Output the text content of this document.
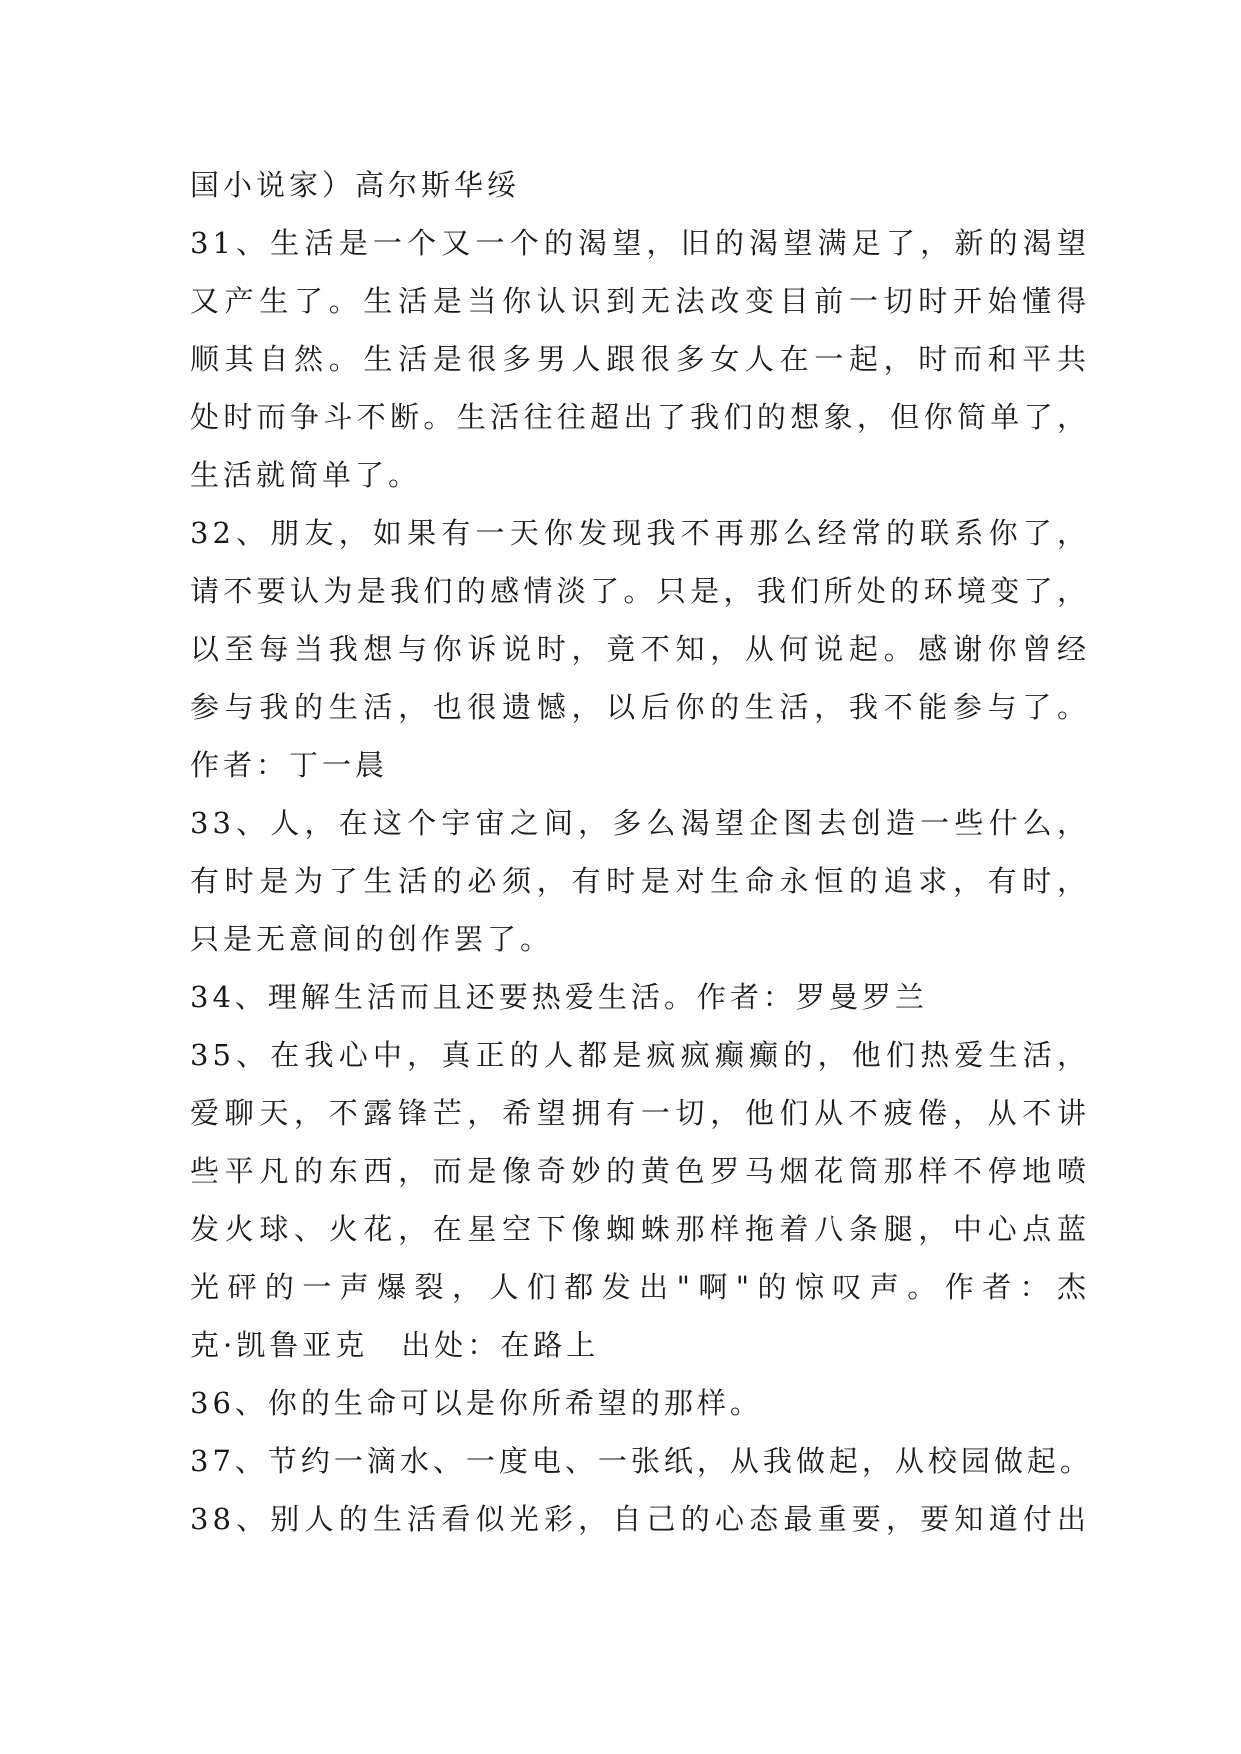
国小说家）高尔斯华绥
31、生活是一个又一个的渴望，旧的渴望满足了，新的渴望
又产生了。生活是当你认识到无法改变目前一切时开始懂得
顺其自然。生活是很多男人跟很多女人在一起，时而和平共
处时而争斗不断。生活往往超出了我们的想象，但你简单了，
生活就简单了。
32、朋友，如果有一天你发现我不再那么经常的联系你了，
请不要认为是我们的感情淡了。只是，我们所处的环境变了，
以至每当我想与你诉说时，竟不知，从何说起。感谢你曾经
参与我的生活，也很遗憾，以后你的生活，我不能参与了。
作者：丁一晨
33、人，在这个宇宙之间，多么渴望企图去创造一些什么，
有时是为了生活的必须，有时是对生命永恒的追求，有时，
只是无意间的创作罢了。
34、理解生活而且还要热爱生活。作者：罗曼罗兰
35、在我心中，真正的人都是疯疯癫癫的，他们热爱生活，
爱聊天，不露锋芒，希望拥有一切，他们从不疲倦，从不讲
些平凡的东西，而是像奇妙的黄色罗马烟花筒那样不停地喷
发火球、火花，在星空下像蜘蛛那样拖着八条腿，中心点蓝
光砰的一声爆裂，人们都发出"啊"的惊叹声。作者：杰
克·凯鲁亚克　出处：在路上
36、你的生命可以是你所希望的那样。
37、节约一滴水、一度电、一张纸，从我做起，从校园做起。
38、别人的生活看似光彩，自己的心态最重要，要知道付出
